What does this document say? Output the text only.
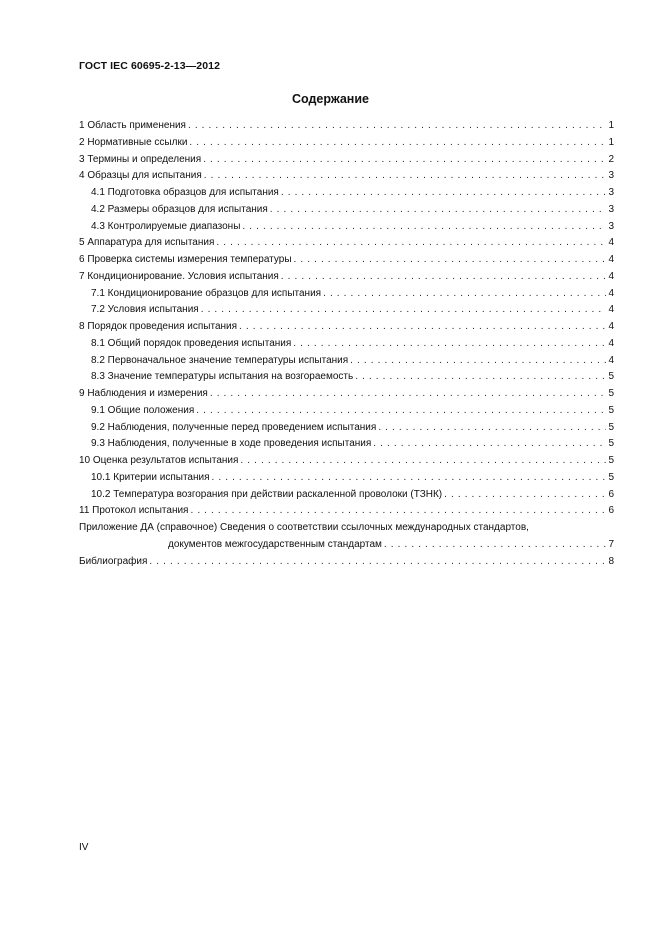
ГОСТ IEC 60695-2-13—2012
Содержание
1 Область применения . . .	1
2 Нормативные ссылки . . .	1
3 Термины и определения . . .	2
4 Образцы для испытания . . .	3
4.1 Подготовка образцов для испытания . . .	3
4.2 Размеры образцов для испытания . . .	3
4.3 Контролируемые диапазоны . . .	3
5 Аппаратура для испытания . . .	4
6 Проверка системы измерения температуры . . .	4
7 Кондиционирование. Условия испытания . . .	4
7.1 Кондиционирование образцов для испытания . . .	4
7.2 Условия испытания . . .	4
8 Порядок проведения испытания . . .	4
8.1 Общий порядок проведения испытания . . .	4
8.2 Первоначальное значение температуры испытания . . .	4
8.3 Значение температуры испытания на возгораемость . . .	5
9 Наблюдения и измерения . . .	5
9.1 Общие положения . . .	5
9.2 Наблюдения, полученные перед проведением испытания . . .	5
9.3 Наблюдения, полученные в ходе проведения испытания . . .	5
10 Оценка результатов испытания . . .	5
10.1 Критерии испытания . . .	5
10.2 Температура возгорания при действии раскаленной проволоки (ТЗНК) . . .	6
11 Протокол испытания . . .	6
Приложение ДА (справочное) Сведения о соответствии ссылочных международных стандартов,
документов межгосударственным стандартам . . .	7
Библиография . . .	8
IV
